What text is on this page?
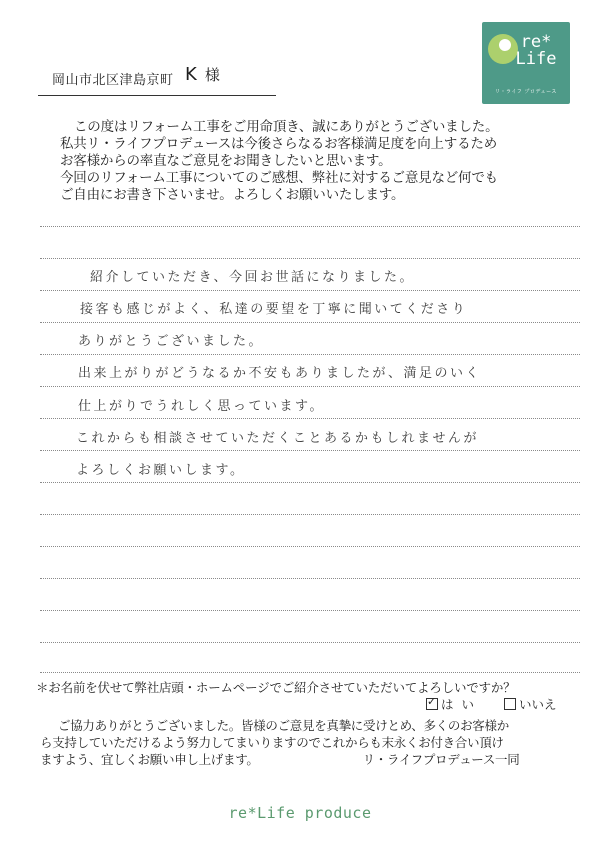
岡山市北区津島京町 K 様
re*
Life
リ・ライフ プロデュース
この度はリフォーム工事をご用命頂き、誠にありがとうございました。
私共リ・ライフプロデュースは今後さらなるお客様満足度を向上するため
お客様からの率直なご意見をお聞きしたいと思います。
今回のリフォーム工事についてのご感想、弊社に対するご意見など何でも
ご自由にお書き下さいませ。よろしくお願いいたします。
紹介していただき、今回お世話になりました。
接客も感じがよく、私達の要望を丁寧に聞いてくださり
ありがとうございました。
出来上がりがどうなるか不安もありましたが、満足のいく
仕上がりでうれしく思っています。
これからも相談させていただくことあるかもしれませんが
よろしくお願いします。
＊お名前を伏せて弊社店頭・ホームページでご紹介させていただいてよろしいですか？
✓はい	いいえ
ご協力ありがとうございました。皆様のご意見を真摯に受けとめ、多くのお客様か
ら支持していただけるよう努力してまいりますのでこれからも末永くお付き合い頂け
ますよう、宜しくお願い申し上げます。	リ・ライフプロデュース一同
re*Life produce
